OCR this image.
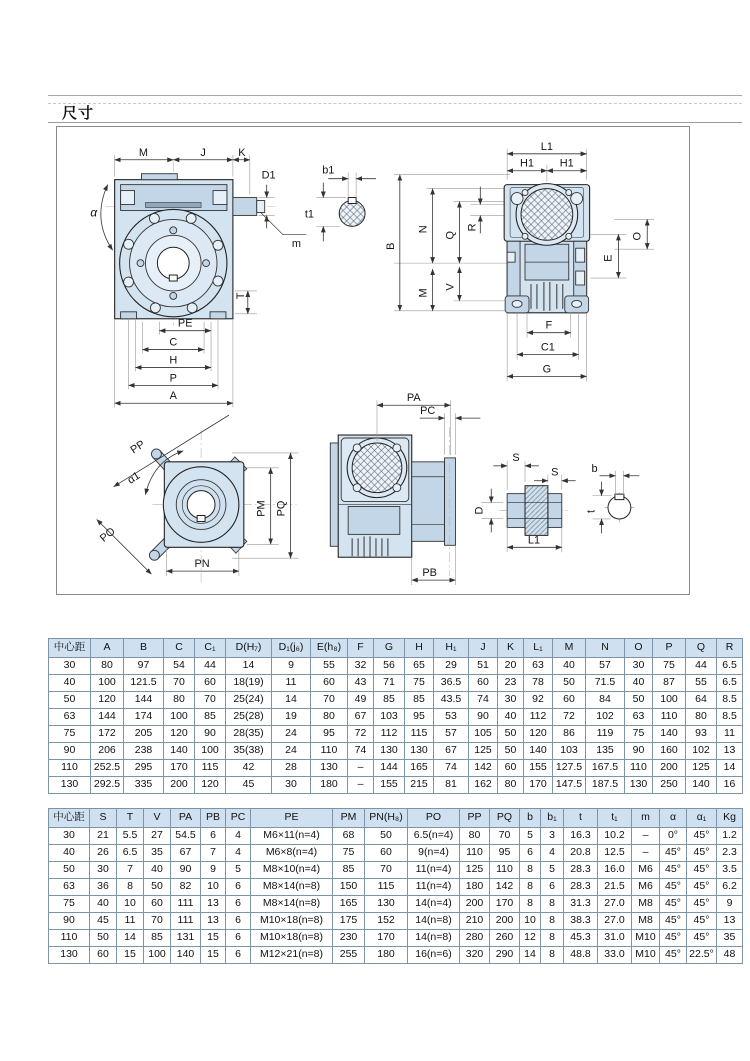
尺寸
M	J	K
D1
α
m
T
PE
C
H
P
A
b1
t1
B
N
Q
R
M
V
L1
H1 H1
O
E
F
C1
G
PP
α1
PO
PN
PM PQ
PA
PC
PB
D
S
S
L1
b
t
中心距	A	B	C	C₁	D(H₇)	D₁(j₆)	E(h₈)	F	G	H	H₁	J	K	L₁	M	N	O	P	Q	R
30	80	97	54	44	14	9	55	32	56	65	29	51	20	63	40	57	30	75	44	6.5
40	100	121.5	70	60	18(19)	11	60	43	71	75	36.5	60	23	78	50	71.5	40	87	55	6.5
50	120	144	80	70	25(24)	14	70	49	85	85	43.5	74	30	92	60	84	50	100	64	8.5
63	144	174	100	85	25(28)	19	80	67	103	95	53	90	40	112	72	102	63	110	80	8.5
75	172	205	120	90	28(35)	24	95	72	112	115	57	105	50	120	86	119	75	140	93	11
90	206	238	140	100	35(38)	24	110	74	130	130	67	125	50	140	103	135	90	160	102	13
110	252.5	295	170	115	42	28	130	–	144	165	74	142	60	155	127.5	167.5	110	200	125	14
130	292.5	335	200	120	45	30	180	–	155	215	81	162	80	170	147.5	187.5	130	250	140	16
中心距	S	T	V	PA	PB	PC	PE	PM	PN(H₈)	PO	PP	PQ	b	b₁	t	t₁	m	α	α₁	Kg
30	21	5.5	27	54.5	6	4	M6×11(n=4)	68	50	6.5(n=4)	80	70	5	3	16.3	10.2	–	0°	45°	1.2
40	26	6.5	35	67	7	4	M6×8(n=4)	75	60	9(n=4)	110	95	6	4	20.8	12.5	–	45°	45°	2.3
50	30	7	40	90	9	5	M8×10(n=4)	85	70	11(n=4)	125	110	8	5	28.3	16.0	M6	45°	45°	3.5
63	36	8	50	82	10	6	M8×14(n=8)	150	115	11(n=4)	180	142	8	6	28.3	21.5	M6	45°	45°	6.2
75	40	10	60	111	13	6	M8×14(n=8)	165	130	14(n=4)	200	170	8	8	31.3	27.0	M8	45°	45°	9
90	45	11	70	111	13	6	M10×18(n=8)	175	152	14(n=8)	210	200	10	8	38.3	27.0	M8	45°	45°	13
110	50	14	85	131	15	6	M10×18(n=8)	230	170	14(n=8)	280	260	12	8	45.3	31.0	M10	45°	45°	35
130	60	15	100	140	15	6	M12×21(n=8)	255	180	16(n=6)	320	290	14	8	48.8	33.0	M10	45°	22.5°	48
